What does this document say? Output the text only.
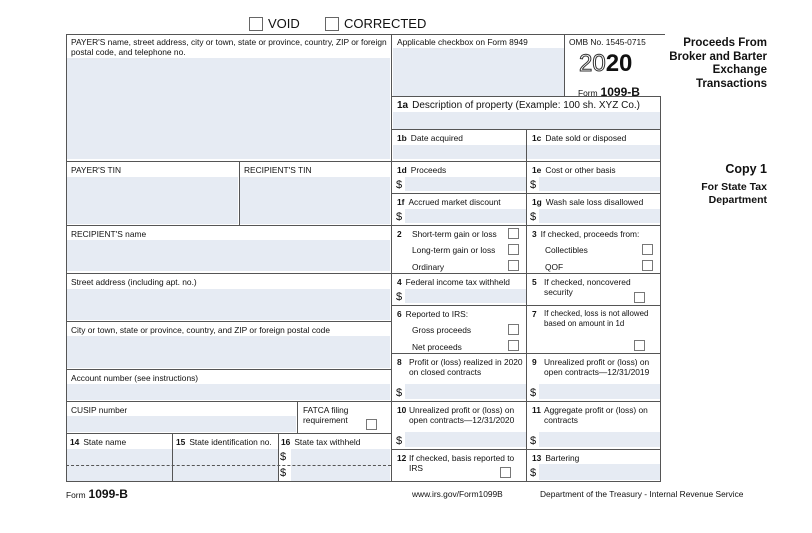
VOID	CORRECTED
PAYER'S name, street address, city or town, state or province, country, ZIP or foreign postal code, and telephone no.
PAYER'S TIN	RECIPIENT'S TIN
RECIPIENT'S name
Street address (including apt. no.)
City or town, state or province, country, and ZIP or foreign postal code
Account number (see instructions)
CUSIP number	FATCA filing requirement
14 State name	15 State identification no. 16 State tax withheld
$
$
Applicable checkbox on Form 8949	OMB No. 1545-0715
2020
Form 1099-B
1a Description of property (Example: 100 sh. XYZ Co.)
1b Date acquired	1c Date sold or disposed
1d Proceeds
$
1e Cost or other basis
$
1f Accrued market discount
$
1g Wash sale loss disallowed
$
2	Short-term gain or loss
Long-term gain or loss
Ordinary
3 If checked, proceeds from:
Collectibles
QOF
4 Federal income tax withheld
$
5 If checked, noncovered security
6 Reported to IRS:
Gross proceeds
Net proceeds
7 If checked, loss is not allowed based on amount in 1d
8 Profit or (loss) realized in 2020 on closed contracts
$
9 Unrealized profit or (loss) on open contracts—12/31/2019
$
10 Unrealized profit or (loss) on open contracts—12/31/2020
$
11 Aggregate profit or (loss) on contracts
$
12 If checked, basis reported to IRS
13 Bartering
$
Proceeds From Broker and Barter Exchange Transactions
Copy 1
For State Tax Department
Form 1099-B	www.irs.gov/Form1099B	Department of the Treasury - Internal Revenue Service
